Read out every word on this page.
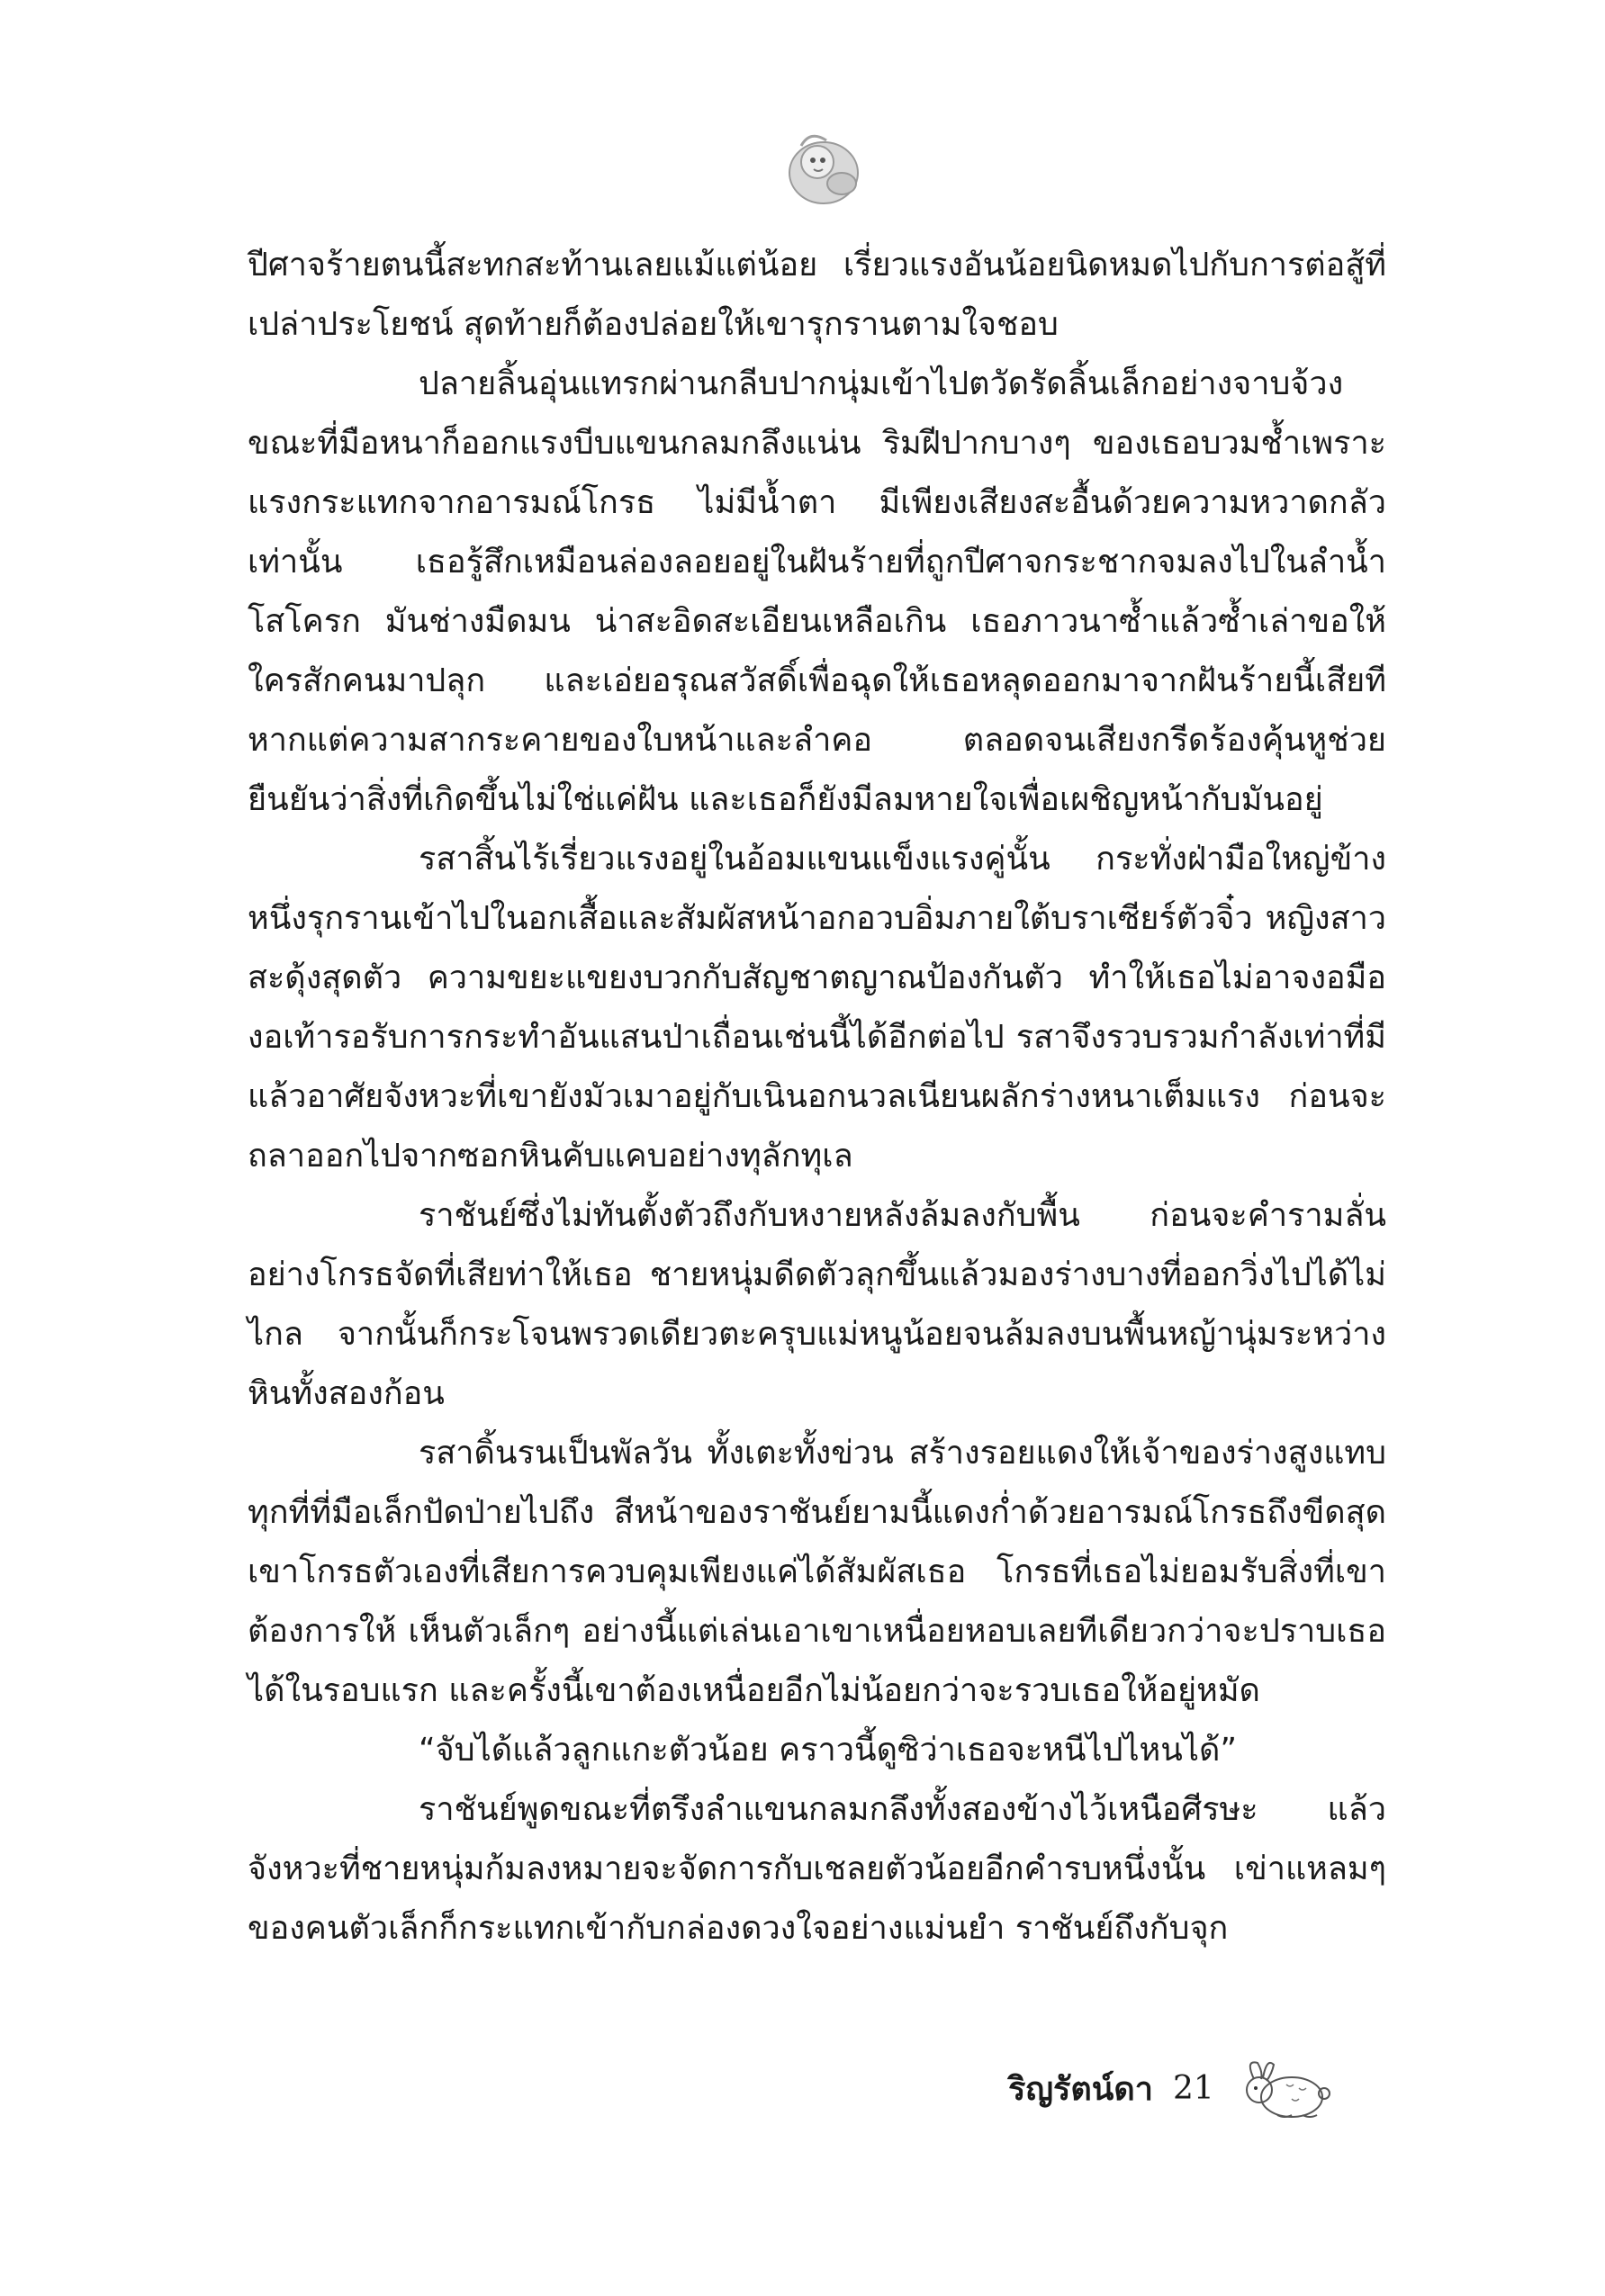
ปีศาจร้ายตนนี้สะทกสะท้านเลยแม้แต่น้อย เรี่ยวแรงอันน้อยนิดหมดไปกับการต่อสู้ที่เปล่าประโยชน์ สุดท้ายก็ต้องปล่อยให้เขารุกรานตามใจชอบ

ปลายลิ้นอุ่นแทรกผ่านกลีบปากนุ่มเข้าไปตวัดรัดลิ้นเล็กอย่างจาบจ้วง ขณะที่มือหนาก็ออกแรงบีบแขนกลมกลึงแน่น ริมฝีปากบางๆ ของเธอบวมช้ำเพราะแรงกระแทกจากอารมณ์โกรธ ไม่มีน้ำตา มีเพียงเสียงสะอื้นด้วยความหวาดกลัวเท่านั้น เธอรู้สึกเหมือนล่องลอยอยู่ในฝันร้ายที่ถูกปีศาจกระชากจมลงไปในลำน้ำโสโครก มันช่างมืดมน น่าสะอิดสะเอียนเหลือเกิน เธอภาวนาซ้ำแล้วซ้ำเล่าขอให้ใครสักคนมาปลุก และเอ่ยอรุณสวัสดิ์เพื่อฉุดให้เธอหลุดออกมาจากฝันร้ายนี้เสียที หากแต่ความสากระคายของใบหน้าและลำคอ ตลอดจนเสียงกรีดร้องคุ้นหูช่วยยืนยันว่าสิ่งที่เกิดขึ้นไม่ใช่แค่ฝัน และเธอก็ยังมีลมหายใจเพื่อเผชิญหน้ากับมันอยู่

รสาสิ้นไร้เรี่ยวแรงอยู่ในอ้อมแขนแข็งแรงคู่นั้น กระทั่งฝ่ามือใหญ่ข้างหนึ่งรุกรานเข้าไปในอกเสื้อและสัมผัสหน้าอกอวบอิ่มภายใต้บราเซียร์ตัวจิ๋ว หญิงสาวสะดุ้งสุดตัว ความขยะแขยงบวกกับสัญชาตญาณป้องกันตัว ทำให้เธอไม่อาจงอมืองอเท้ารอรับการกระทำอันแสนป่าเถื่อนเช่นนี้ได้อีกต่อไป รสาจึงรวบรวมกำลังเท่าที่มีแล้วอาศัยจังหวะที่เขายังมัวเมาอยู่กับเนินอกนวลเนียนผลักร่างหนาเต็มแรง ก่อนจะถลาออกไปจากซอกหินคับแคบอย่างทุลักทุเล

ราชันย์ซึ่งไม่ทันตั้งตัวถึงกับหงายหลังล้มลงกับพื้น ก่อนจะคำรามลั่นอย่างโกรธจัดที่เสียท่าให้เธอ ชายหนุ่มดีดตัวลุกขึ้นแล้วมองร่างบางที่ออกวิ่งไปได้ไม่ไกล จากนั้นก็กระโจนพรวดเดียวตะครุบแม่หนูน้อยจนล้มลงบนพื้นหญ้านุ่มระหว่างหินทั้งสองก้อน

รสาดิ้นรนเป็นพัลวัน ทั้งเตะทั้งข่วน สร้างรอยแดงให้เจ้าของร่างสูงแทบทุกที่ที่มือเล็กปัดป่ายไปถึง สีหน้าของราชันย์ยามนี้แดงก่ำด้วยอารมณ์โกรธถึงขีดสุด เขาโกรธตัวเองที่เสียการควบคุมเพียงแค่ได้สัมผัสเธอ โกรธที่เธอไม่ยอมรับสิ่งที่เขาต้องการให้ เห็นตัวเล็กๆ อย่างนี้แต่เล่นเอาเขาเหนื่อยหอบเลยทีเดียวกว่าจะปราบเธอได้ในรอบแรก และครั้งนี้เขาต้องเหนื่อยอีกไม่น้อยกว่าจะรวบเธอให้อยู่หมัด

“จับได้แล้วลูกแกะตัวน้อย คราวนี้ดูซิว่าเธอจะหนีไปไหนได้”

ราชันย์พูดขณะที่ตรึงลำแขนกลมกลึงทั้งสองข้างไว้เหนือศีรษะ แล้วจังหวะที่ชายหนุ่มก้มลงหมายจะจัดการกับเชลยตัวน้อยอีกคำรบหนึ่งนั้น เข่าแหลมๆ ของคนตัวเล็กก็กระแทกเข้ากับกล่องดวงใจอย่างแม่นยำ ราชันย์ถึงกับจุก

ริญรัตน์ดา 21
